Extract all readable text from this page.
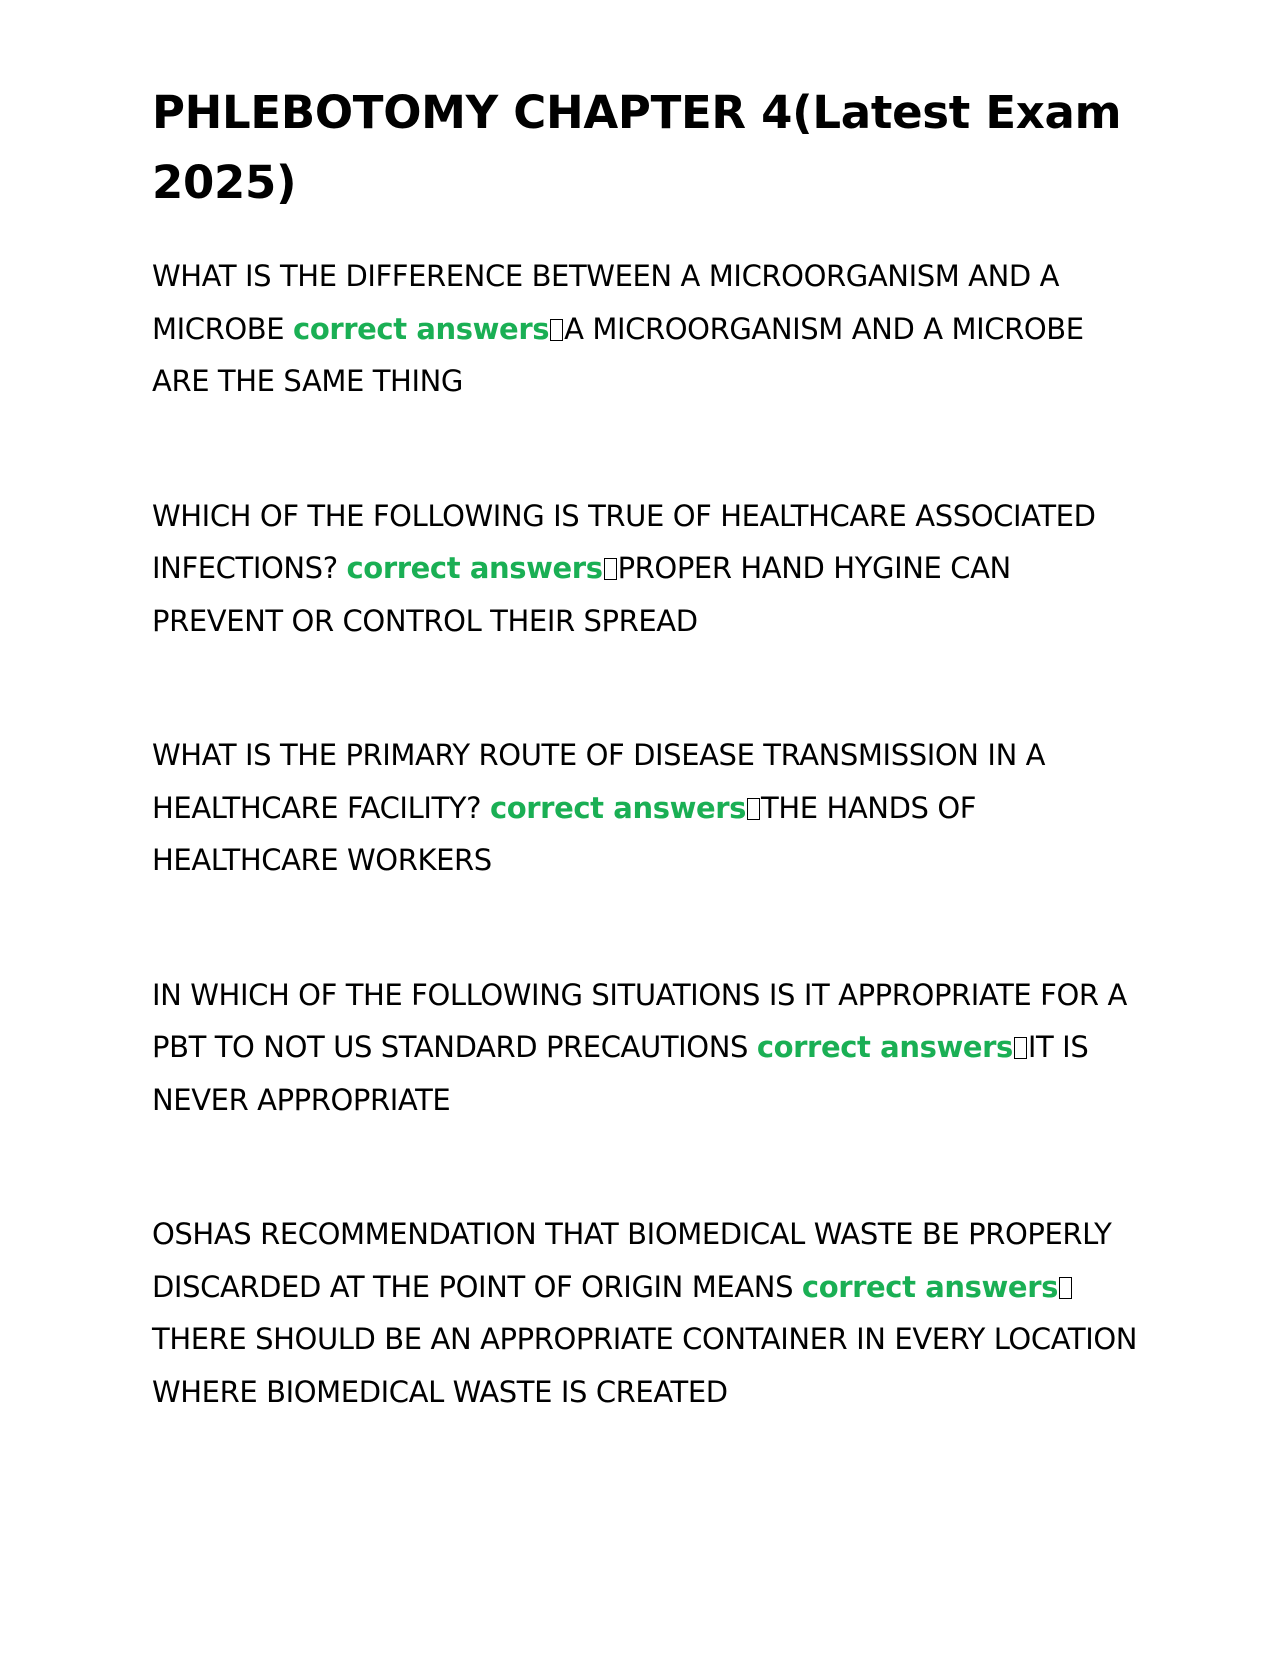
PHLEBOTOMY CHAPTER 4(Latest Exam 2025)

WHAT IS THE DIFFERENCE BETWEEN A MICROORGANISM AND A MICROBE correct answers A MICROORGANISM AND A MICROBE ARE THE SAME THING

WHICH OF THE FOLLOWING IS TRUE OF HEALTHCARE ASSOCIATED INFECTIONS? correct answers PROPER HAND HYGINE CAN PREVENT OR CONTROL THEIR SPREAD

WHAT IS THE PRIMARY ROUTE OF DISEASE TRANSMISSION IN A HEALTHCARE FACILITY? correct answers THE HANDS OF HEALTHCARE WORKERS

IN WHICH OF THE FOLLOWING SITUATIONS IS IT APPROPRIATE FOR A PBT TO NOT US STANDARD PRECAUTIONS correct answers IT IS NEVER APPROPRIATE

OSHAS RECOMMENDATION THAT BIOMEDICAL WASTE BE PROPERLY DISCARDED AT THE POINT OF ORIGIN MEANS correct answersTHERE SHOULD BE AN APPROPRIATE CONTAINER IN EVERY LOCATION WHERE BIOMEDICAL WASTE IS CREATED
